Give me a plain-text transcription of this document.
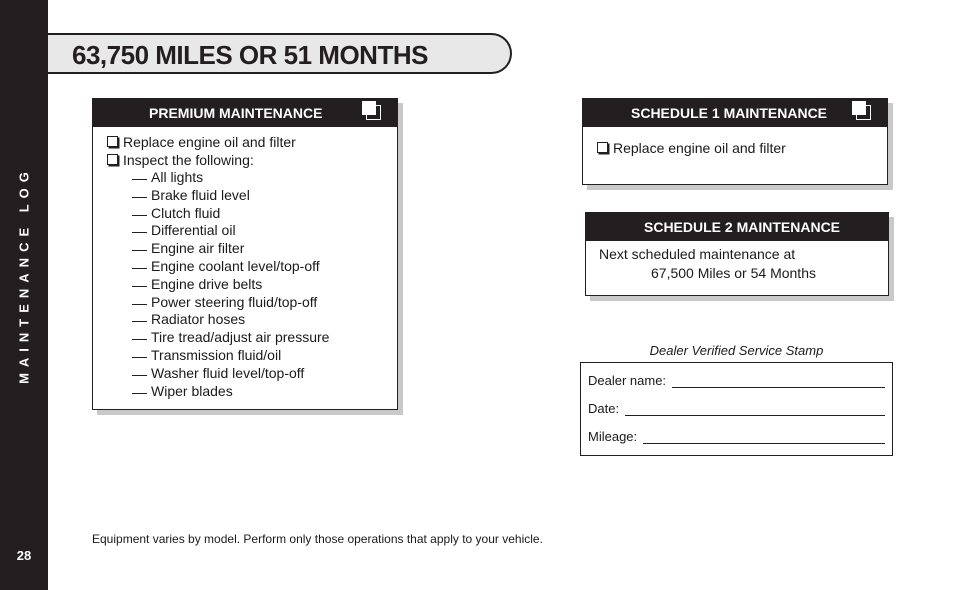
MAINTENANCE LOG
28
63,750 MILES OR 51 MONTHS
PREMIUM MAINTENANCE
Replace engine oil and filter
Inspect the following:
All lights
Brake fluid level
Clutch fluid
Differential oil
Engine air filter
Engine coolant level/top-off
Engine drive belts
Power steering fluid/top-off
Radiator hoses
Tire tread/adjust air pressure
Transmission fluid/oil
Washer fluid level/top-off
Wiper blades
SCHEDULE 1 MAINTENANCE
Replace engine oil and filter
SCHEDULE 2 MAINTENANCE
Next scheduled maintenance at
67,500 Miles or 54 Months
Dealer Verified Service Stamp
Dealer name:
Date:
Mileage:
Equipment varies by model. Perform only those operations that apply to your vehicle.
